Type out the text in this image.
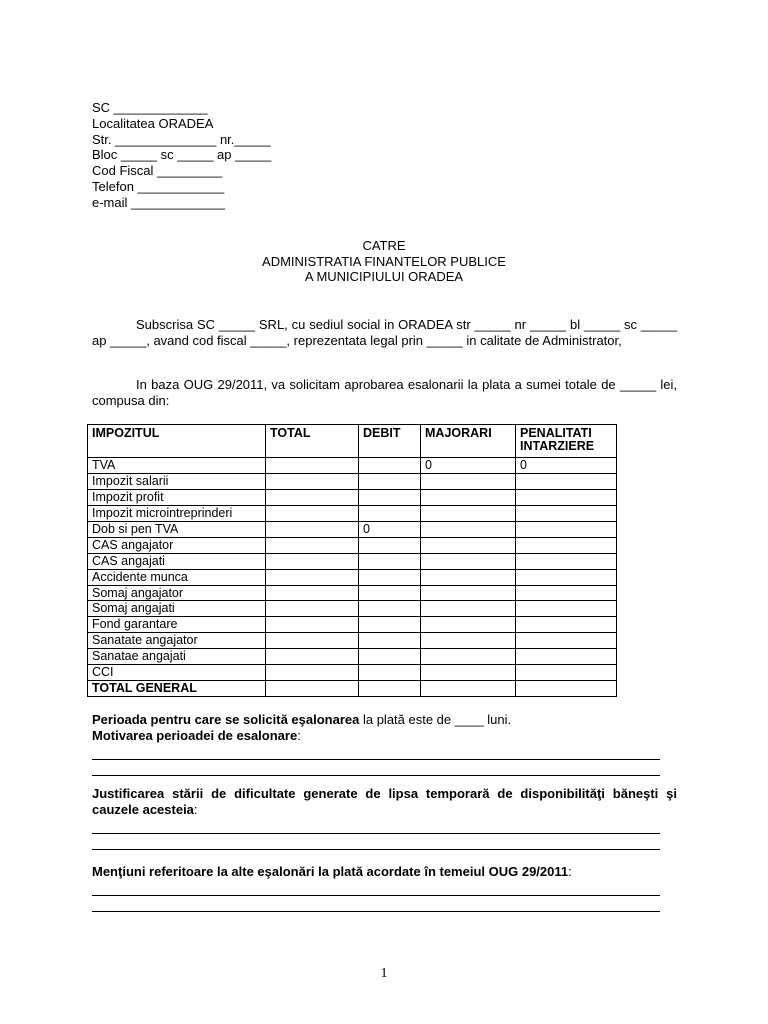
SC _____________
Localitatea ORADEA
Str. ______________ nr._____
Bloc _____ sc _____ ap _____
Cod Fiscal _________
Telefon ____________
e-mail _____________
CATRE
ADMINISTRATIA FINANTELOR PUBLICE
A MUNICIPIULUI ORADEA
Subscrisa SC _____ SRL, cu sediul social in ORADEA str _____ nr _____ bl _____ sc _____ ap _____, avand cod fiscal _____, reprezentata legal prin _____ in calitate de Administrator,
In baza OUG 29/2011, va solicitam aprobarea esalonarii la plata a sumei totale de _____ lei, compusa din:
IMPOZITUL	TOTAL	DEBIT	MAJORARI	PENALITATI INTARZIERE
TVA			0	0
Impozit salarii				
Impozit profit				
Impozit microintreprinderi				
Dob si pen TVA		0		
CAS angajator				
CAS angajati				
Accidente munca				
Somaj angajator				
Somaj angajati				
Fond garantare				
Sanatate angajator				
Sanatae angajati				
CCI				
TOTAL GENERAL				
Perioada pentru care se solicită eşalonarea la plată este de ____ luni.
Motivarea perioadei de esalonare:
Justificarea stării de dificultate generate de lipsa temporară de disponibilităţi băneşti şi cauzele acesteia:
Menţiuni referitoare la alte eşalonări la plată acordate în temeiul OUG 29/2011:
1
